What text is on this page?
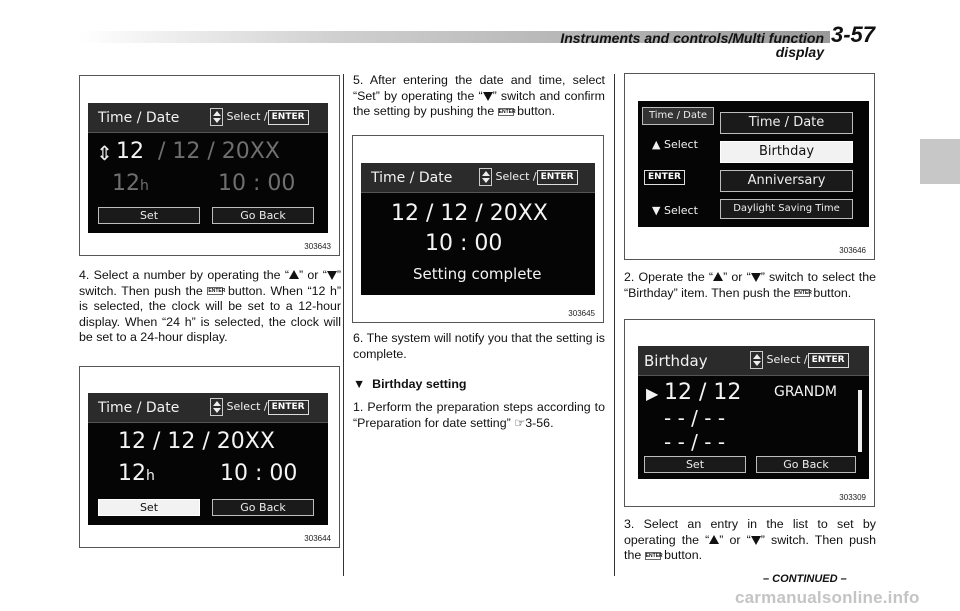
Instruments and controls/Multi function display
3-57
Time / Date	Select / ENTER
⇕ 12 / 12 / 20XX
12 h	10 : 00
Set	Go Back
303643

4. Select a number by operating the “ ” or “ ” switch. Then push the ENTER button. When “12 h” is selected, the clock will be set to a 12-hour display. When “24 h” is selected, the clock will be set to a 24-hour display.

Time / Date	Select / ENTER
12 / 12 / 20XX
12 h	10 : 00
Set	Go Back
303644

5. After entering the date and time, select “Set” by operating the “ ” switch and confirm the setting by pushing the ENTER button.

Time / Date	Select / ENTER
12 / 12 / 20XX
10 : 00
Setting complete
303645

6. The system will notify you that the setting is complete.

▼ Birthday setting

1. Perform the preparation steps according to “Preparation for date setting” ☞3-56.

Time / Date
▲ Select
ENTER
▼ Select
Time / Date
Birthday
Anniversary
Daylight Saving Time
303646

2. Operate the “ ” or “ ” switch to select the “Birthday” item. Then push the ENTER button.

Birthday	Select / ENTER
▶ 12 / 12 GRANDM
- - / - -
- - / - -
Set	Go Back
303309

3. Select an entry in the list to set by operating the “ ” or “ ” switch. Then push the ENTER button.

– CONTINUED –
carmanualsonline.info
